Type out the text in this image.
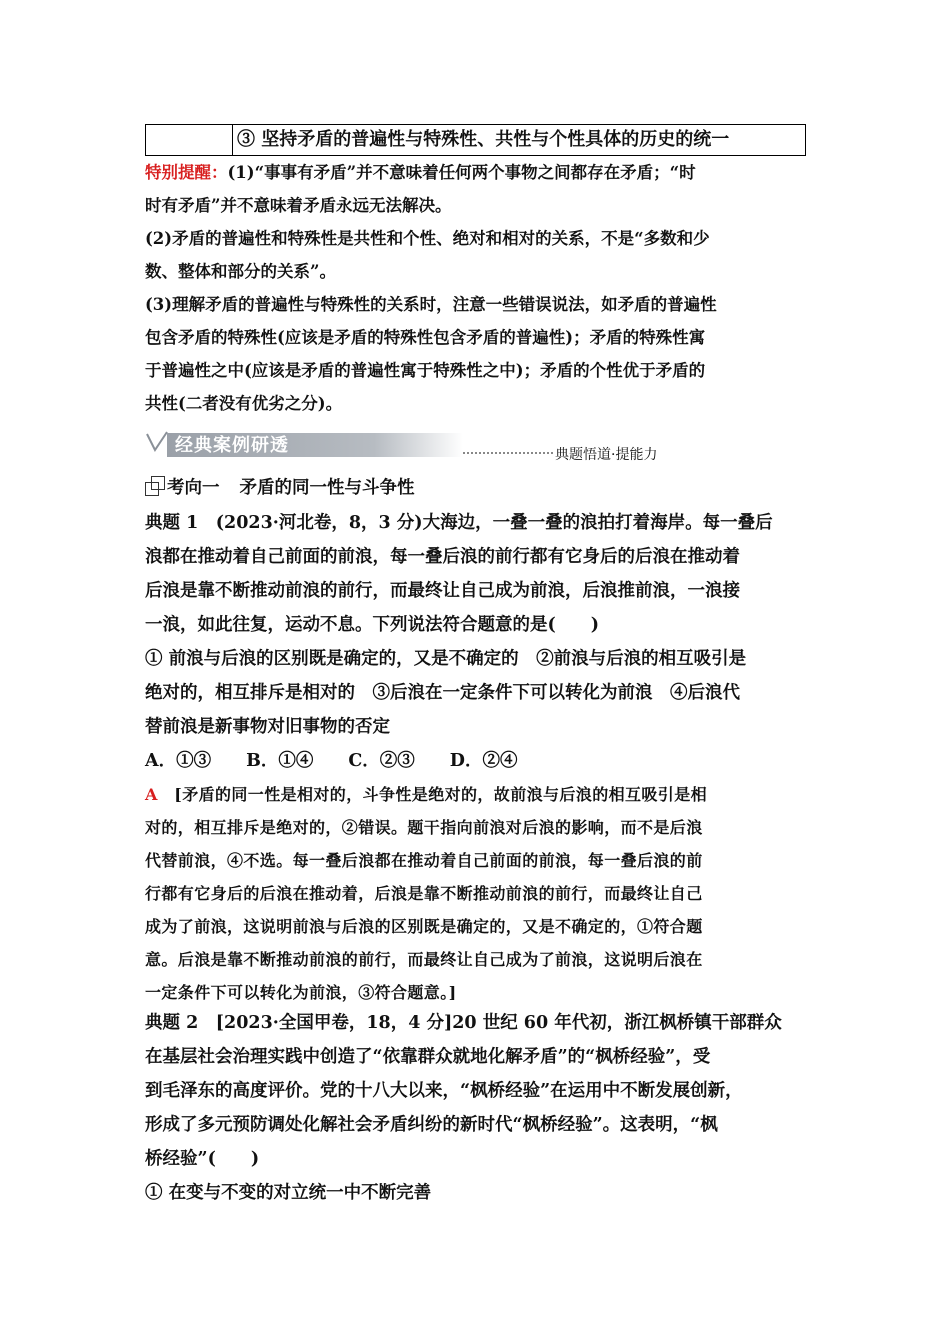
③ 坚持矛盾的普遍性与特殊性、共性与个性具体的历史的统一

特别提醒：(1)“事事有矛盾”并不意味着任何两个事物之间都存在矛盾；“时

时有矛盾”并不意味着矛盾永远无法解决。

(2)矛盾的普遍性和特殊性是共性和个性、绝对和相对的关系，不是“多数和少

数、整体和部分的关系”。

(3)理解矛盾的普遍性与特殊性的关系时，注意一些错误说法，如矛盾的普遍性

包含矛盾的特殊性(应该是矛盾的特殊性包含矛盾的普遍性)；矛盾的特殊性寓

于普遍性之中(应该是矛盾的普遍性寓于特殊性之中)；矛盾的个性优于矛盾的

共性(二者没有优劣之分)。

经典案例研透	典题悟道·提能力
考向一 矛盾的同一性与斗争性

典题 1　(2023·河北卷，8，3 分)大海边，一叠一叠的浪拍打着海岸。每一叠后

浪都在推动着自己前面的前浪，每一叠后浪的前行都有它身后的后浪在推动着

后浪是靠不断推动前浪的前行，而最终让自己成为前浪，后浪推前浪，一浪接

一浪，如此往复，运动不息。下列说法符合题意的是(　　)

① 前浪与后浪的区别既是确定的，又是不确定的　②前浪与后浪的相互吸引是

绝对的，相互排斥是相对的　③后浪在一定条件下可以转化为前浪　④后浪代

替前浪是新事物对旧事物的否定

A．①③　　B．①④　　C．②③　　D．②④

A　 [矛盾的同一性是相对的，斗争性是绝对的，故前浪与后浪的相互吸引是相

对的，相互排斥是绝对的，②错误。题干指向前浪对后浪的影响，而不是后浪

代替前浪，④不选。每一叠后浪都在推动着自己前面的前浪，每一叠后浪的前

行都有它身后的后浪在推动着，后浪是靠不断推动前浪的前行，而最终让自己

成为了前浪，这说明前浪与后浪的区别既是确定的，又是不确定的，①符合题

意。后浪是靠不断推动前浪的前行，而最终让自己成为了前浪，这说明后浪在

一定条件下可以转化为前浪，③符合题意。]

典题 2　[2023·全国甲卷，18，4 分]20 世纪 60 年代初，浙江枫桥镇干部群众

在基层社会治理实践中创造了“依靠群众就地化解矛盾”的“枫桥经验”，受

到毛泽东的高度评价。党的十八大以来，“枫桥经验”在运用中不断发展创新，

形成了多元预防调处化解社会矛盾纠纷的新时代“枫桥经验”。这表明，“枫

桥经验”(　　)

① 在变与不变的对立统一中不断完善
